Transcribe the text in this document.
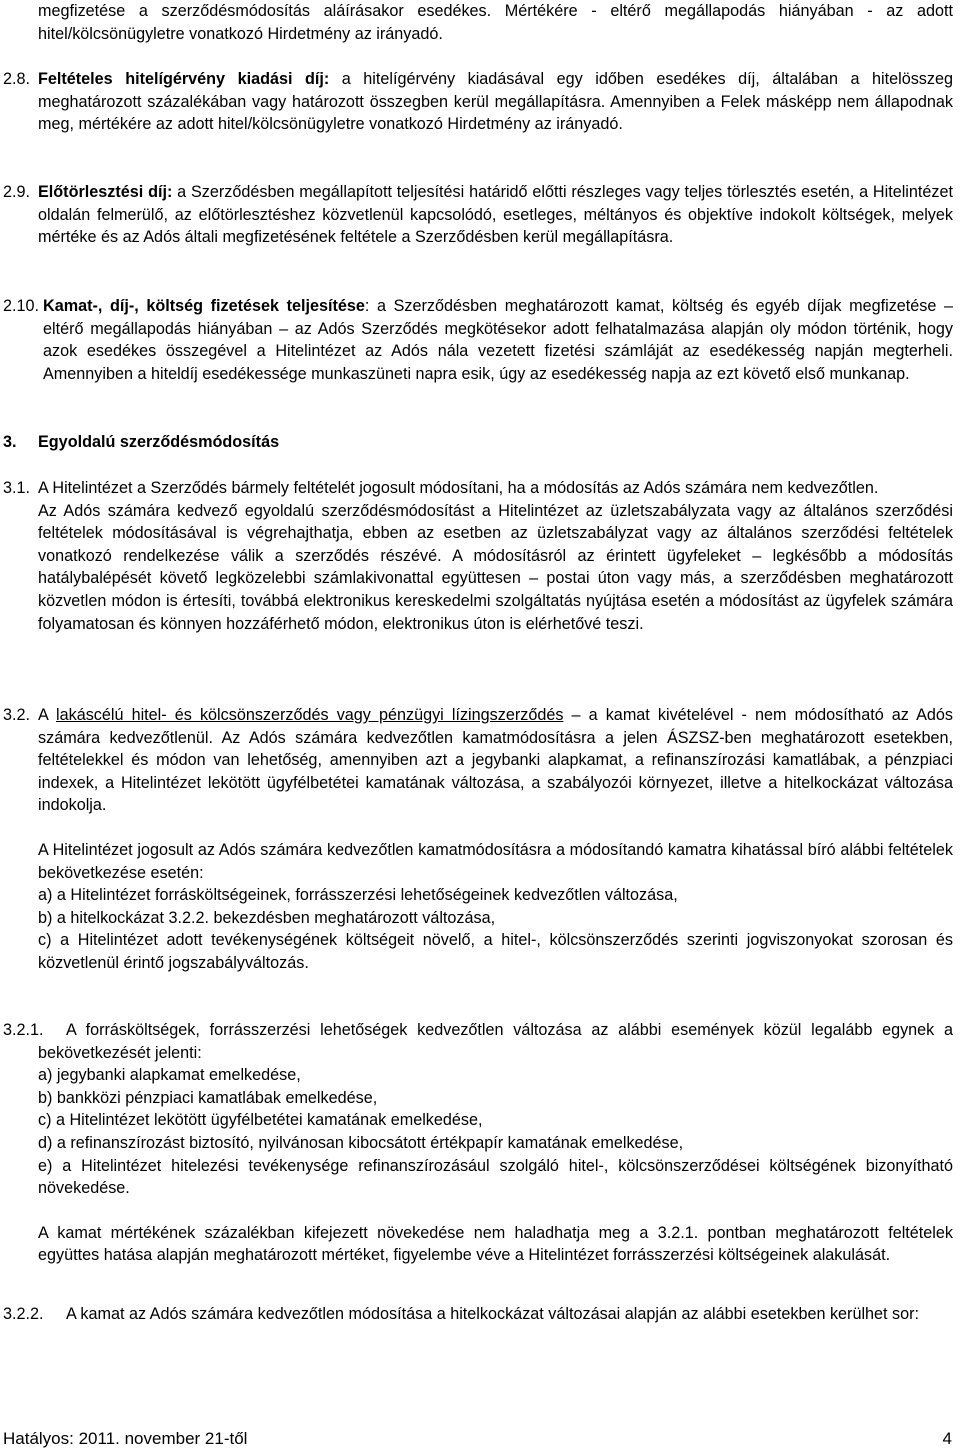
megfizetése a szerződésmódosítás aláírásakor esedékes. Mértékére - eltérő megállapodás hiányában - az adott hitel/kölcsönügyletre vonatkozó Hirdetmény az irányadó.
2.8. Feltételes hitelígérvény kiadási díj: a hitelígérvény kiadásával egy időben esedékes díj, általában a hitelösszeg meghatározott százalékában vagy határozott összegben kerül megállapításra. Amennyiben a Felek másképp nem állapodnak meg, mértékére az adott hitel/kölcsönügyletre vonatkozó Hirdetmény az irányadó.
2.9. Előtörlesztési díj: a Szerződésben megállapított teljesítési határidő előtti részleges vagy teljes törlesztés esetén, a Hitelintézet oldalán felmerülő, az előtörlesztéshez közvetlenül kapcsolódó, esetleges, méltányos és objektíve indokolt költségek, melyek mértéke és az Adós általi megfizetésének feltétele a Szerződésben kerül megállapításra.
2.10. Kamat-, díj-, költség fizetések teljesítése: a Szerződésben meghatározott kamat, költség és egyéb díjak megfizetése – eltérő megállapodás hiányában – az Adós Szerződés megkötésekor adott felhatalmazása alapján oly módon történik, hogy azok esedékes összegével a Hitelintézet az Adós nála vezetett fizetési számláját az esedékesség napján megterheli. Amennyiben a hiteldíj esedékessége munkaszüneti napra esik, úgy az esedékesség napja az ezt követő első munkanap.
3.	Egyoldalú szerződésmódosítás
3.1. A Hitelintézet a Szerződés bármely feltételét jogosult módosítani, ha a módosítás az Adós számára nem kedvezőtlen.
Az Adós számára kedvező egyoldalú szerződésmódosítást a Hitelintézet az üzletszabályzata vagy az általános szerződési feltételek módosításával is végrehajthatja, ebben az esetben az üzletszabályzat vagy az általános szerződési feltételek vonatkozó rendelkezése válik a szerződés részévé. A módosításról az érintett ügyfeleket – legkésőbb a módosítás hatálybalépését követő legközelebbi számlakivonattal együttesen – postai úton vagy más, a szerződésben meghatározott közvetlen módon is értesíti, továbbá elektronikus kereskedelmi szolgáltatás nyújtása esetén a módosítást az ügyfelek számára folyamatosan és könnyen hozzáférhető módon, elektronikus úton is elérhetővé teszi.
3.2. A lakáscélú hitel- és kölcsönszerződés vagy pénzügyi lízingszerződés – a kamat kivételével - nem módosítható az Adós számára kedvezőtlenül. Az Adós számára kedvezőtlen kamatmódosításra a jelen ÁSZSZ-ben meghatározott esetekben, feltételekkel és módon van lehetőség, amennyiben azt a jegybanki alapkamat, a refinanszírozási kamatlábak, a pénzpiaci indexek, a Hitelintézet lekötött ügyfélbetétei kamatának változása, a szabályozói környezet, illetve a hitelkockázat változása indokolja.
A Hitelintézet jogosult az Adós számára kedvezőtlen kamatmódosításra a módosítandó kamatra kihatással bíró alábbi feltételek bekövetkezése esetén:
a) a Hitelintézet forrásköltségeinek, forrásszerzési lehetőségeinek kedvezőtlen változása,
b) a hitelkockázat 3.2.2. bekezdésben meghatározott változása,
c) a Hitelintézet adott tevékenységének költségeit növelő, a hitel-, kölcsönszerződés szerinti jogviszonyokat szorosan és közvetlenül érintő jogszabályváltozás.
3.2.1.	A forrásköltségek, forrásszerzési lehetőségek kedvezőtlen változása az alábbi események közül legalább egynek a bekövetkezését jelenti:
a) jegybanki alapkamat emelkedése,
b) bankközi pénzpiaci kamatlábak emelkedése,
c) a Hitelintézet lekötött ügyfélbetétei kamatának emelkedése,
d) a refinanszírozást biztosító, nyilvánosan kibocsátott értékpapír kamatának emelkedése,
e) a Hitelintézet hitelezési tevékenysége refinanszírozásául szolgáló hitel-, kölcsönszerződései költségének bizonyítható növekedése.
A kamat mértékének százalékban kifejezett növekedése nem haladhatja meg a 3.2.1. pontban meghatározott feltételek együttes hatása alapján meghatározott mértéket, figyelembe véve a Hitelintézet forrásszerzési költségeinek alakulását.
3.2.2.	A kamat az Adós számára kedvezőtlen módosítása a hitelkockázat változásai alapján az alábbi esetekben kerülhet sor:
Hatályos: 2011. november 21-től	4
